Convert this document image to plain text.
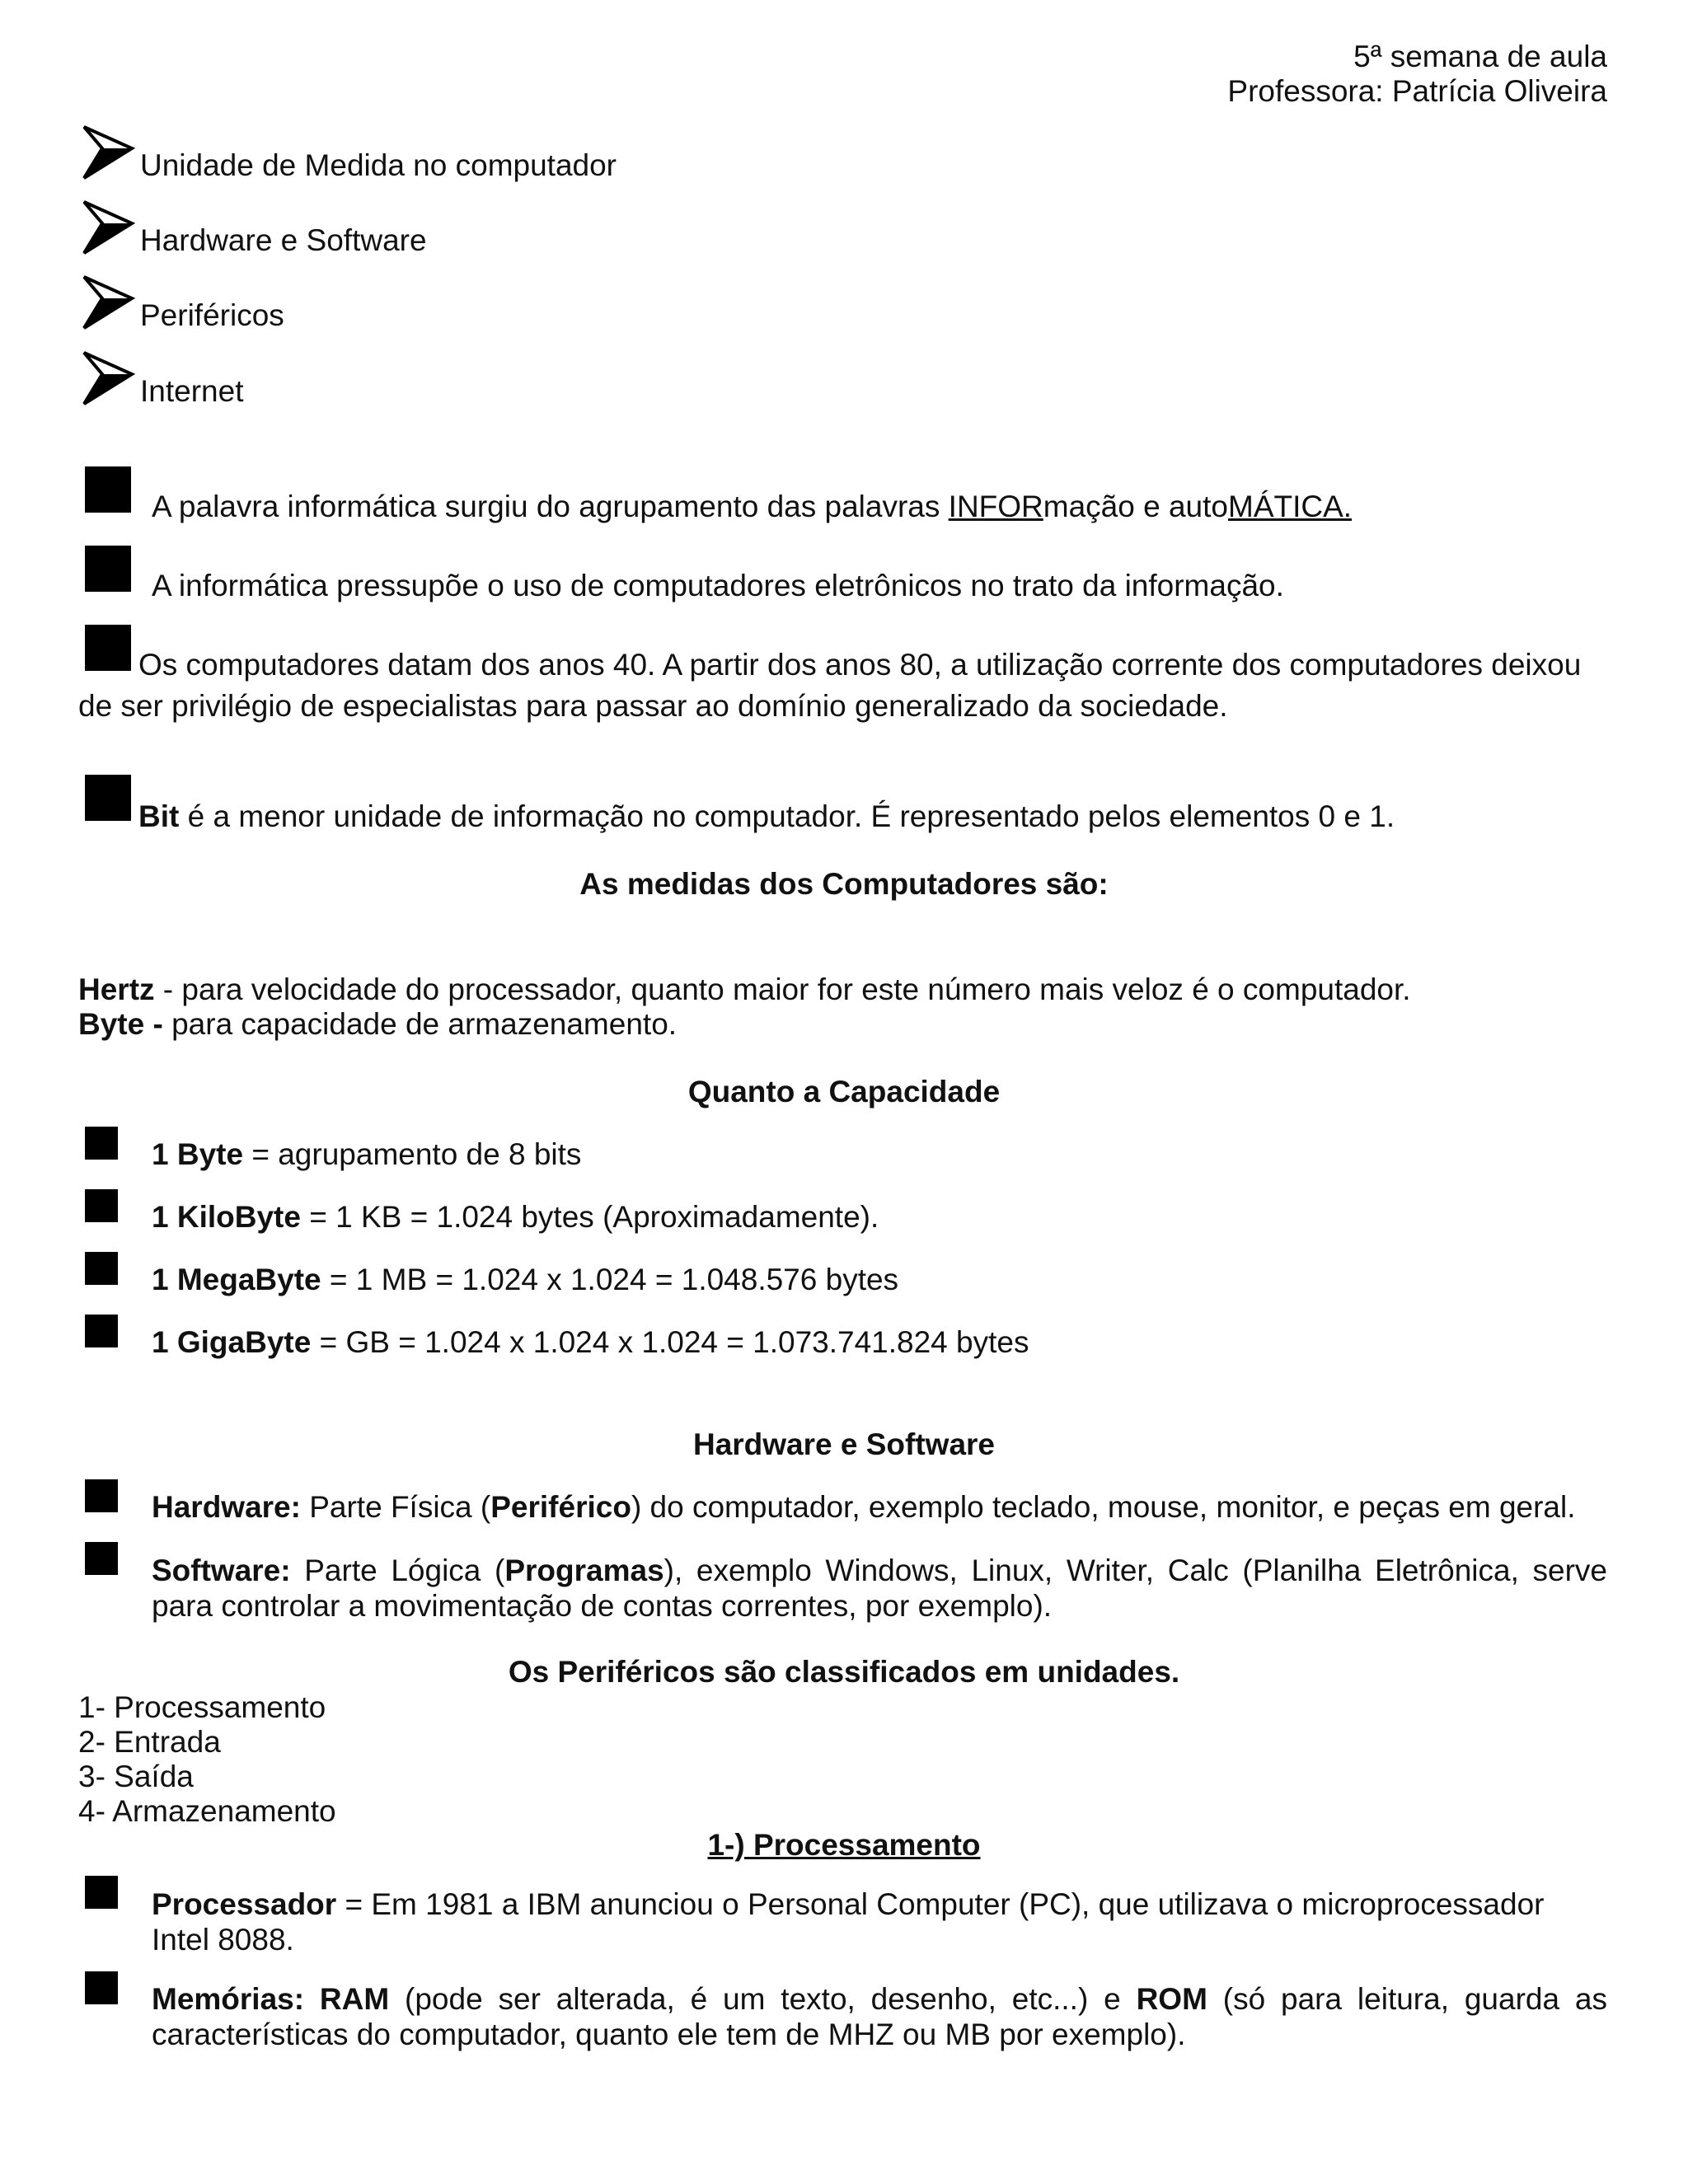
5ª semana de aula
Professora: Patrícia Oliveira
Unidade de Medida no computador
Hardware e Software
Periféricos
Internet
A palavra informática surgiu do agrupamento das palavras INFORmação e autoMÁTICA.
A informática pressupõe o uso de computadores eletrônicos no trato da informação.
Os computadores datam dos anos 40. A partir dos anos 80, a utilização corrente dos computadores deixou
de ser privilégio de especialistas para passar ao domínio generalizado da sociedade.
Bit é a menor unidade de informação no computador. É representado pelos elementos 0 e 1.
As medidas dos Computadores são:
Hertz - para velocidade do processador, quanto maior for este número mais veloz é o computador.
Byte - para capacidade de armazenamento.
Quanto a Capacidade
1 Byte = agrupamento de 8 bits
1 KiloByte = 1 KB = 1.024 bytes (Aproximadamente).
1 MegaByte = 1 MB = 1.024 x 1.024 = 1.048.576 bytes
1 GigaByte = GB = 1.024 x 1.024 x 1.024 = 1.073.741.824 bytes
Hardware e Software
Hardware: Parte Física (Periférico) do computador, exemplo teclado, mouse, monitor, e peças em geral.
Software: Parte Lógica (Programas), exemplo Windows, Linux, Writer, Calc (Planilha Eletrônica, serve para controlar a movimentação de contas correntes, por exemplo).
Os Periféricos são classificados em unidades.
1- Processamento
2- Entrada
3- Saída
4- Armazenamento
1-) Processamento
Processador = Em 1981 a IBM anunciou o Personal Computer (PC), que utilizava o microprocessador Intel 8088.
Memórias: RAM (pode ser alterada, é um texto, desenho, etc...) e ROM (só para leitura, guarda as características do computador, quanto ele tem de MHZ ou MB por exemplo).
